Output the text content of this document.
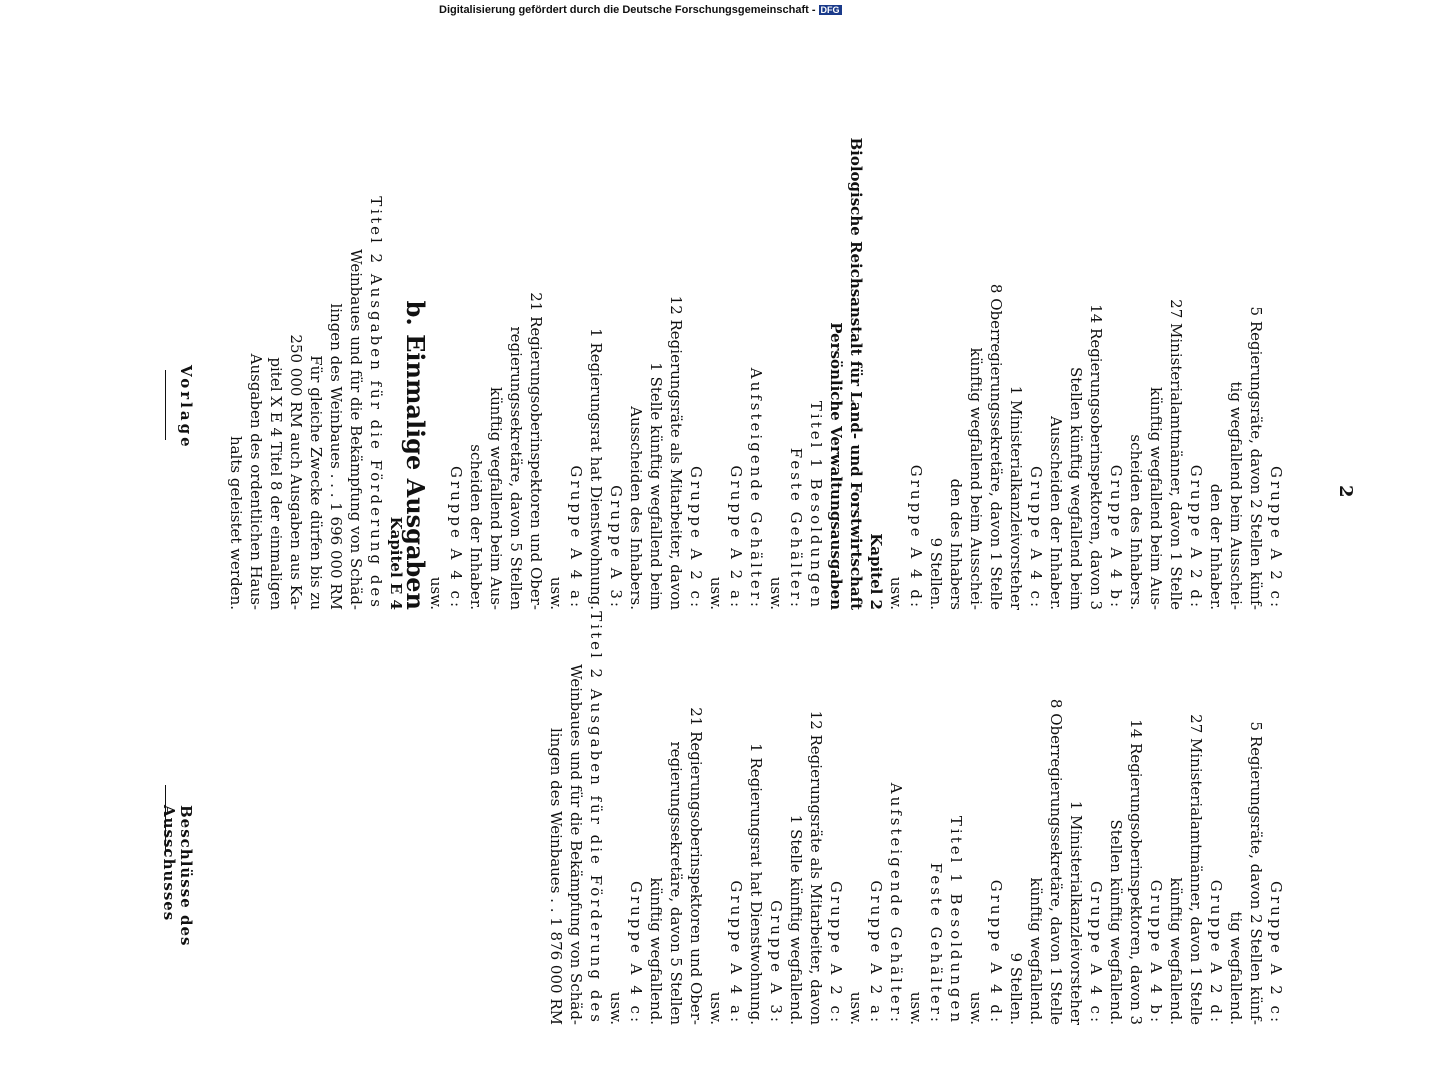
2
Vorlage
Gruppe A 2 c:
5 Regierungsräte, davon 2 Stellen künf-
tig wegfallend beim Ausschei-
den der Inhaber.
Gruppe A 2 d:
27 Ministerialamtmänner, davon 1 Stelle
künftig wegfallend beim Aus-
scheiden des Inhabers.
Gruppe A 4 b:
14 Regierungsoberinspektoren, davon 3
Stellen künftig wegfallend beim
Ausscheiden der Inhaber.
Gruppe A 4 c:
1 Ministerialkanzleivorsteher
8 Oberregierungssekretäre, davon 1 Stelle
künftig wegfallend beim Ausschei-
den des Inhabers
9 Stellen.
Gruppe A 4 d:
usw.
Kapitel 2
Biologische Reichsanstalt für Land- und Forstwirtschaft
Persönliche Verwaltungsausgaben
Titel 1 Besoldungen
Feste Gehälter:
usw.
Aufsteigende Gehälter:
Gruppe A 2 a:
usw.
Gruppe A 2 c:
12 Regierungsräte als Mitarbeiter, davon
1 Stelle künftig wegfallend beim
Ausscheiden des Inhabers.
Gruppe A 3:
1 Regierungsrat hat Dienstwohnung.
Gruppe A 4 a:
usw.
21 Regierungsoberinspektoren und Ober-
regierungssekretäre, davon 5 Stellen
künftig wegfallend beim Aus-
scheiden der Inhaber.
Gruppe A 4 c:
usw.
b. Einmalige Ausgaben
Kapitel E 4
Titel 2 Ausgaben für die Förderung des
Weinbaues und für die Bekämpfung von Schäd-
lingen des Weinbaues . . . 1 696 000 RM
Für gleiche Zwecke dürfen bis zu
250 000 RM auch Ausgaben aus Ka-
pitel X E 4 Titel 8 der einmaligen
Ausgaben des ordentlichen Haus-
halts geleistet werden.
Beschlüsse des Ausschusses
Gruppe A 2 c:
5 Regierungsräte, davon 2 Stellen künf-
tig wegfallend.
Gruppe A 2 d:
27 Ministerialamtmänner, davon 1 Stelle
künftig wegfallend.
Gruppe A 4 b:
14 Regierungsoberinspektoren, davon 3
Stellen künftig wegfallend.
Gruppe A 4 c:
1 Ministerialkanzleivorsteher
8 Oberregierungssekretäre, davon 1 Stelle
künftig wegfallend.
9 Stellen.
Gruppe A 4 d:
usw.
Titel 1 Besoldungen
Feste Gehälter:
usw.
Aufsteigende Gehälter:
Gruppe A 2 a:
usw.
Gruppe A 2 c:
12 Regierungsräte als Mitarbeiter, davon
1 Stelle künftig wegfallend.
Gruppe A 3:
1 Regierungsrat hat Dienstwohnung.
Gruppe A 4 a:
usw.
21 Regierungsoberinspektoren und Ober-
regierungssekretäre, davon 5 Stellen
künftig wegfallend.
Gruppe A 4 c:
usw.
Titel 2 Ausgaben für die Förderung des
Weinbaues und für die Bekämpfung von Schäd-
lingen des Weinbaues . . 1 876 000 RM
Digitalisierung gefördert durch die Deutsche Forschungsgemeinschaft - DFG
